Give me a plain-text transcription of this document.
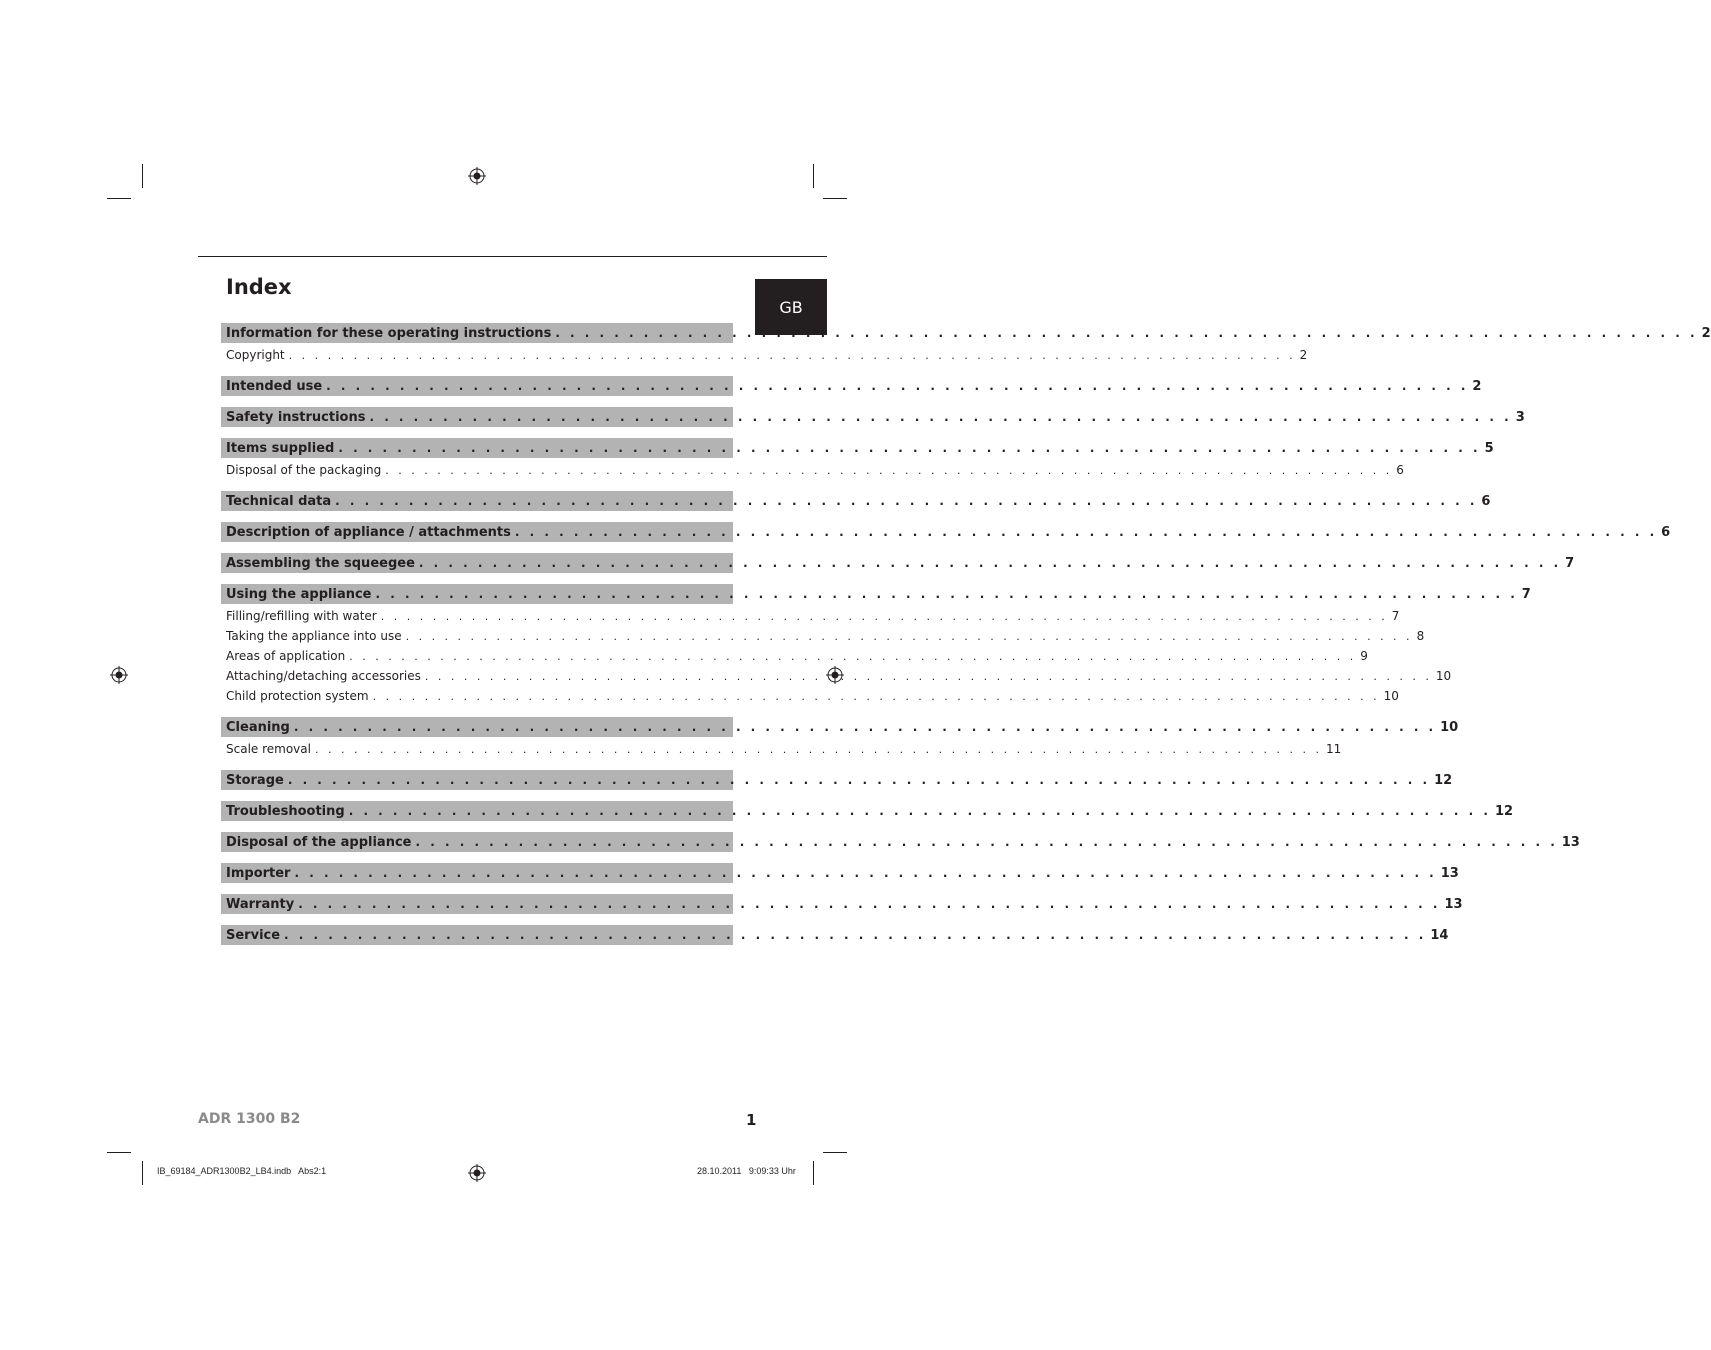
GB
Index
Information for these operating instructions . . . . . . . . . . . . . . . . . . . . . . . . . . . . . . . . . . . . . . . . . . . . . . . . . . . . . . . . . . . . . . . . . . . . . . . . . . . . . . 2
Copyright . . . . . . . . . . . . . . . . . . . . . . . . . . . . . . . . . . . . . . . . . . . . . . . . . . . . . . . . . . . . . . . . . . . . . . . . . . . . . . 2
Intended use . . . . . . . . . . . . . . . . . . . . . . . . . . . . . . . . . . . . . . . . . . . . . . . . . . . . . . . . . . . . . . . . . . . . . . . . . . . . . . 2
Safety instructions . . . . . . . . . . . . . . . . . . . . . . . . . . . . . . . . . . . . . . . . . . . . . . . . . . . . . . . . . . . . . . . . . . . . . . . . . . . . . . 3
Items supplied . . . . . . . . . . . . . . . . . . . . . . . . . . . . . . . . . . . . . . . . . . . . . . . . . . . . . . . . . . . . . . . . . . . . . . . . . . . . . . 5
Disposal of the packaging . . . . . . . . . . . . . . . . . . . . . . . . . . . . . . . . . . . . . . . . . . . . . . . . . . . . . . . . . . . . . . . . . . . . . . . . . . . . . . 6
Technical data . . . . . . . . . . . . . . . . . . . . . . . . . . . . . . . . . . . . . . . . . . . . . . . . . . . . . . . . . . . . . . . . . . . . . . . . . . . . . . 6
Description of appliance / attachments . . . . . . . . . . . . . . . . . . . . . . . . . . . . . . . . . . . . . . . . . . . . . . . . . . . . . . . . . . . . . . . . . . . . . . . . . . . . . . 6
Assembling the squeegee . . . . . . . . . . . . . . . . . . . . . . . . . . . . . . . . . . . . . . . . . . . . . . . . . . . . . . . . . . . . . . . . . . . . . . . . . . . . . . 7
Using the appliance . . . . . . . . . . . . . . . . . . . . . . . . . . . . . . . . . . . . . . . . . . . . . . . . . . . . . . . . . . . . . . . . . . . . . . . . . . . . . . 7
Filling/refilling with water . . . . . . . . . . . . . . . . . . . . . . . . . . . . . . . . . . . . . . . . . . . . . . . . . . . . . . . . . . . . . . . . . . . . . . . . . . . . . . 7
Taking the appliance into use . . . . . . . . . . . . . . . . . . . . . . . . . . . . . . . . . . . . . . . . . . . . . . . . . . . . . . . . . . . . . . . . . . . . . . . . . . . . . . 8
Areas of application . . . . . . . . . . . . . . . . . . . . . . . . . . . . . . . . . . . . . . . . . . . . . . . . . . . . . . . . . . . . . . . . . . . . . . . . . . . . . . 9
Attaching/detaching accessories . . . . . . . . . . . . . . . . . . . . . . . . . . . . . . . . . . . . . . . . . . . . . . . . . . . . . . . . . . . . . . . . . . . . . . . . . . . . . . 10
Child protection system . . . . . . . . . . . . . . . . . . . . . . . . . . . . . . . . . . . . . . . . . . . . . . . . . . . . . . . . . . . . . . . . . . . . . . . . . . . . . . 10
Cleaning . . . . . . . . . . . . . . . . . . . . . . . . . . . . . . . . . . . . . . . . . . . . . . . . . . . . . . . . . . . . . . . . . . . . . . . . . . . . . . 10
Scale removal . . . . . . . . . . . . . . . . . . . . . . . . . . . . . . . . . . . . . . . . . . . . . . . . . . . . . . . . . . . . . . . . . . . . . . . . . . . . . . 11
Storage . . . . . . . . . . . . . . . . . . . . . . . . . . . . . . . . . . . . . . . . . . . . . . . . . . . . . . . . . . . . . . . . . . . . . . . . . . . . . . 12
Troubleshooting . . . . . . . . . . . . . . . . . . . . . . . . . . . . . . . . . . . . . . . . . . . . . . . . . . . . . . . . . . . . . . . . . . . . . . . . . . . . . . 12
Disposal of the appliance . . . . . . . . . . . . . . . . . . . . . . . . . . . . . . . . . . . . . . . . . . . . . . . . . . . . . . . . . . . . . . . . . . . . . . . . . . . . . . 13
Importer . . . . . . . . . . . . . . . . . . . . . . . . . . . . . . . . . . . . . . . . . . . . . . . . . . . . . . . . . . . . . . . . . . . . . . . . . . . . . . 13
Warranty . . . . . . . . . . . . . . . . . . . . . . . . . . . . . . . . . . . . . . . . . . . . . . . . . . . . . . . . . . . . . . . . . . . . . . . . . . . . . . 13
Service . . . . . . . . . . . . . . . . . . . . . . . . . . . . . . . . . . . . . . . . . . . . . . . . . . . . . . . . . . . . . . . . . . . . . . . . . . . . . . 14
ADR 1300 B2	1
IB_69184_ADR1300B2_LB4.indb   Abs2:1	28.10.2011   9:09:33 Uhr
